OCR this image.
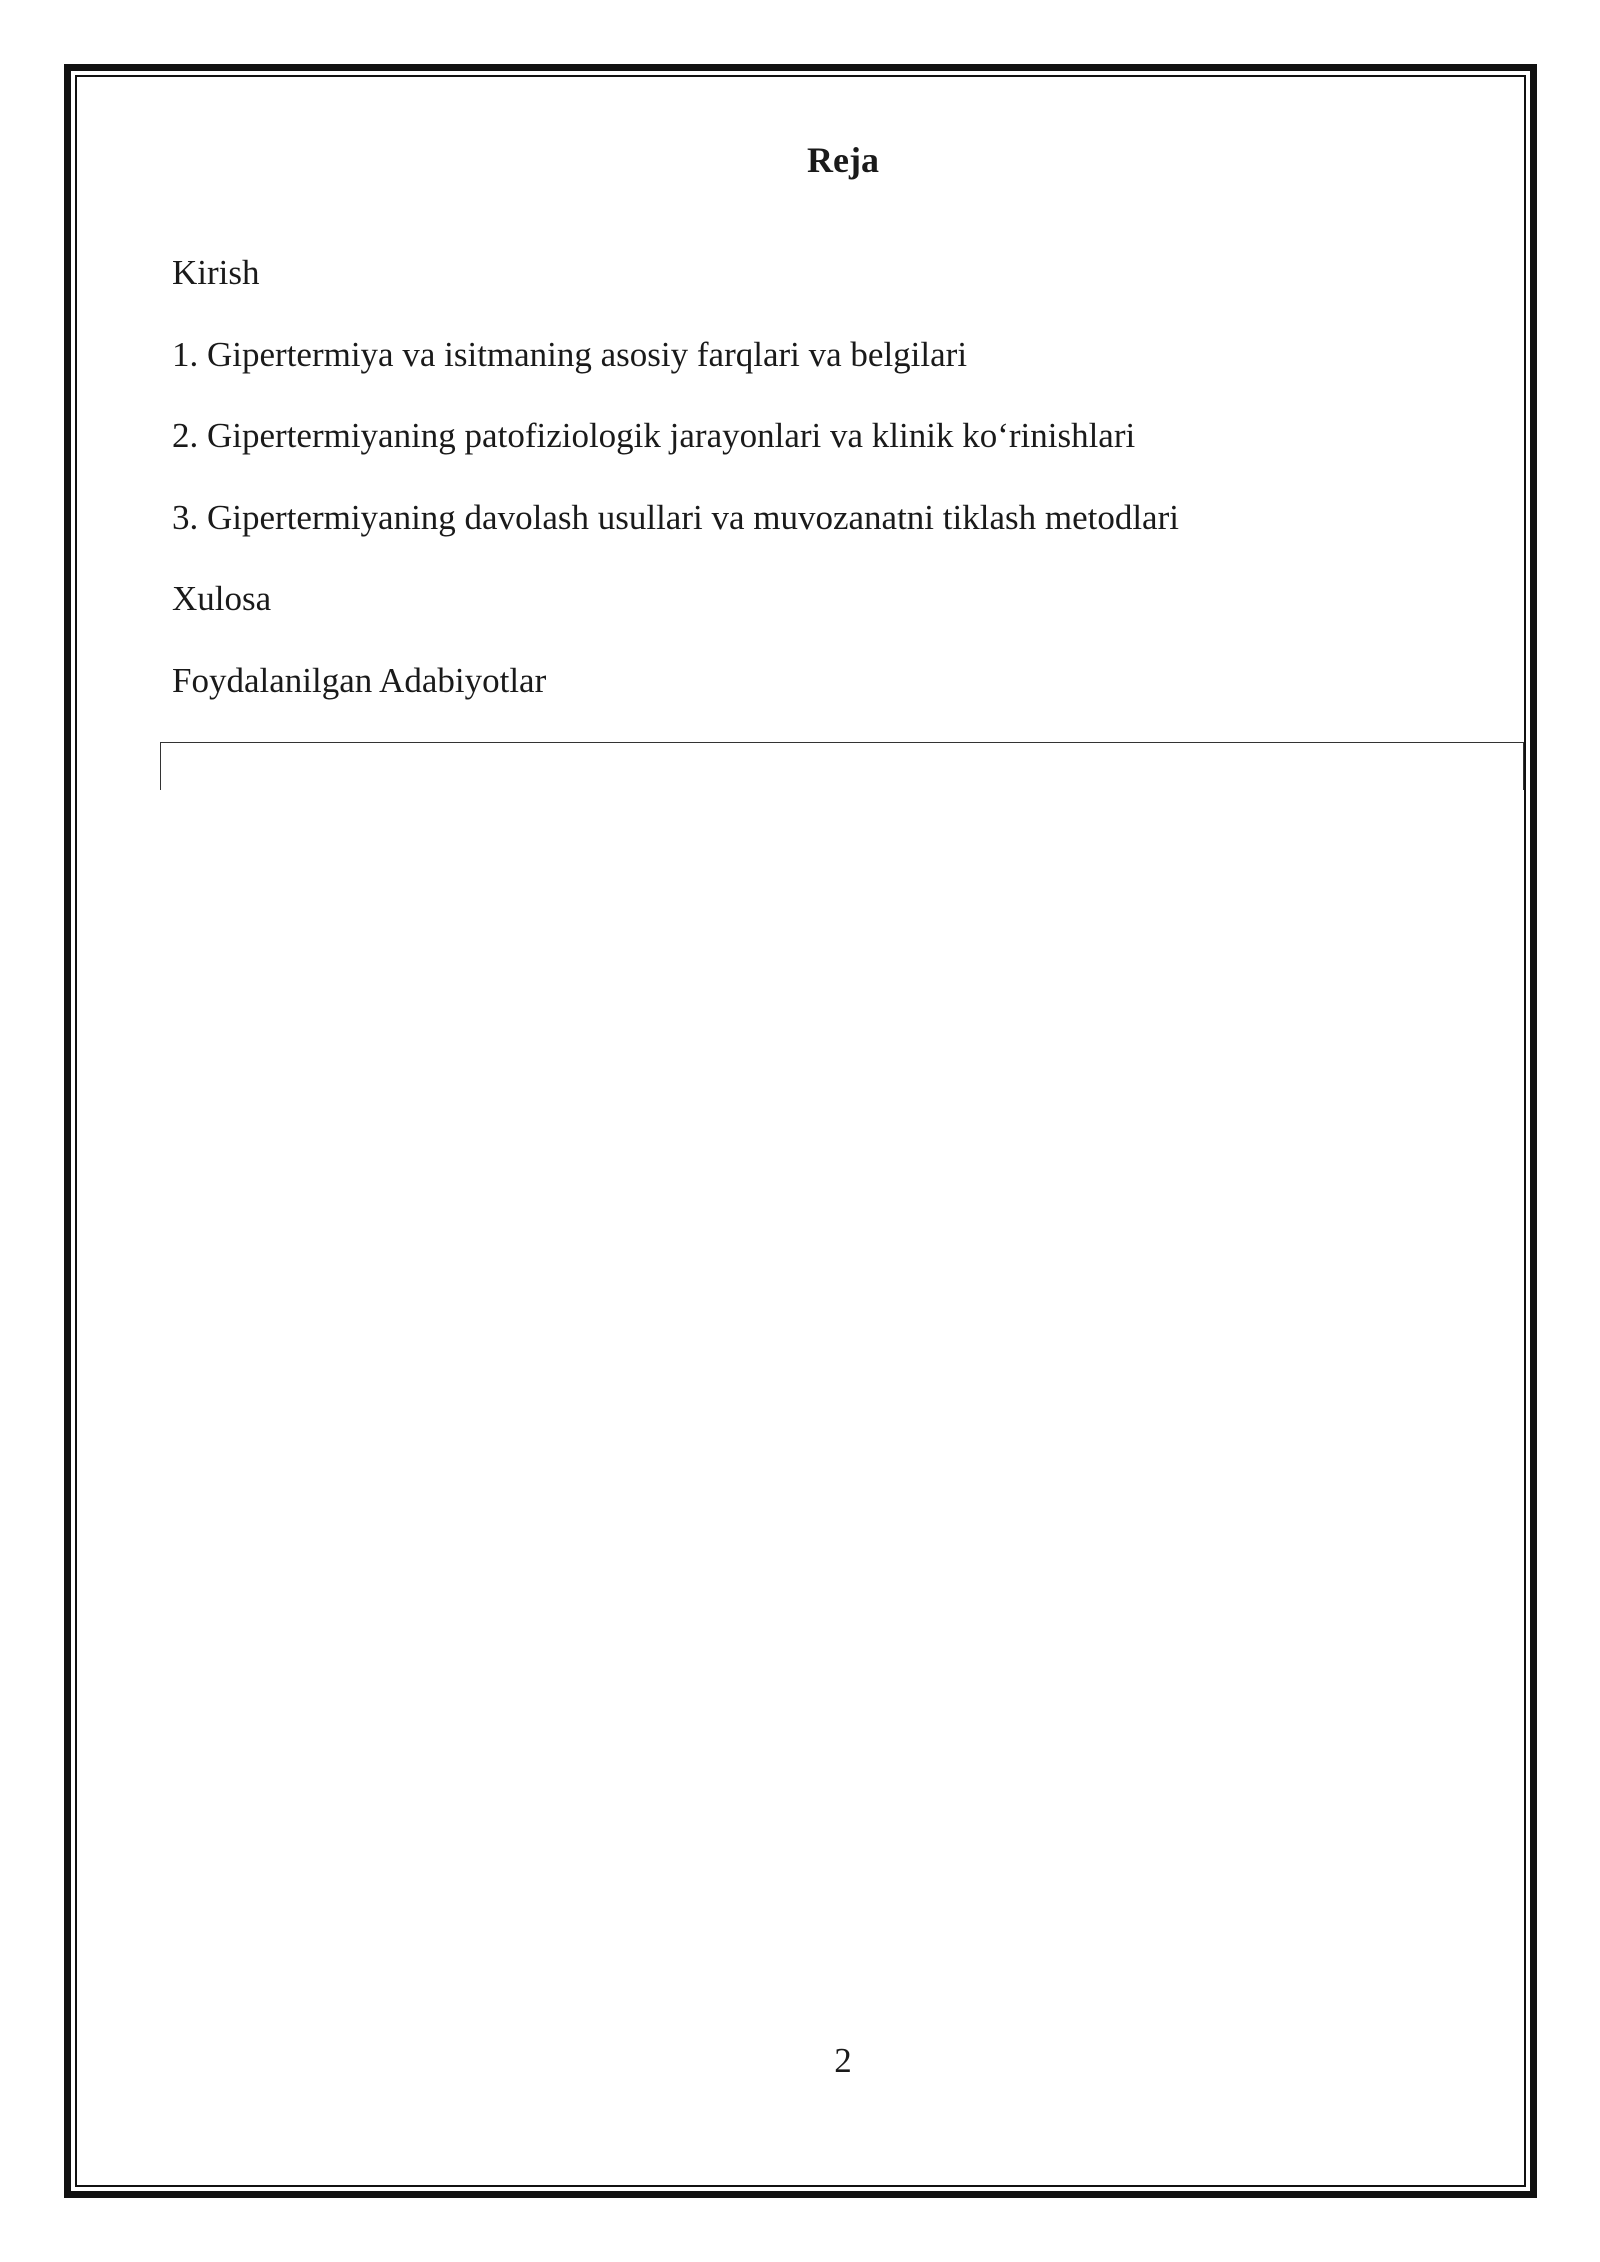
Reja
Kirish
1. Gipertermiya va isitmaning asosiy farqlari va belgilari
2. Gipertermiyaning patofiziologik jarayonlari va klinik ko‘rinishlari
3. Gipertermiyaning davolash usullari va muvozanatni tiklash metodlari
Xulosa
Foydalanilgan Adabiyotlar
2
